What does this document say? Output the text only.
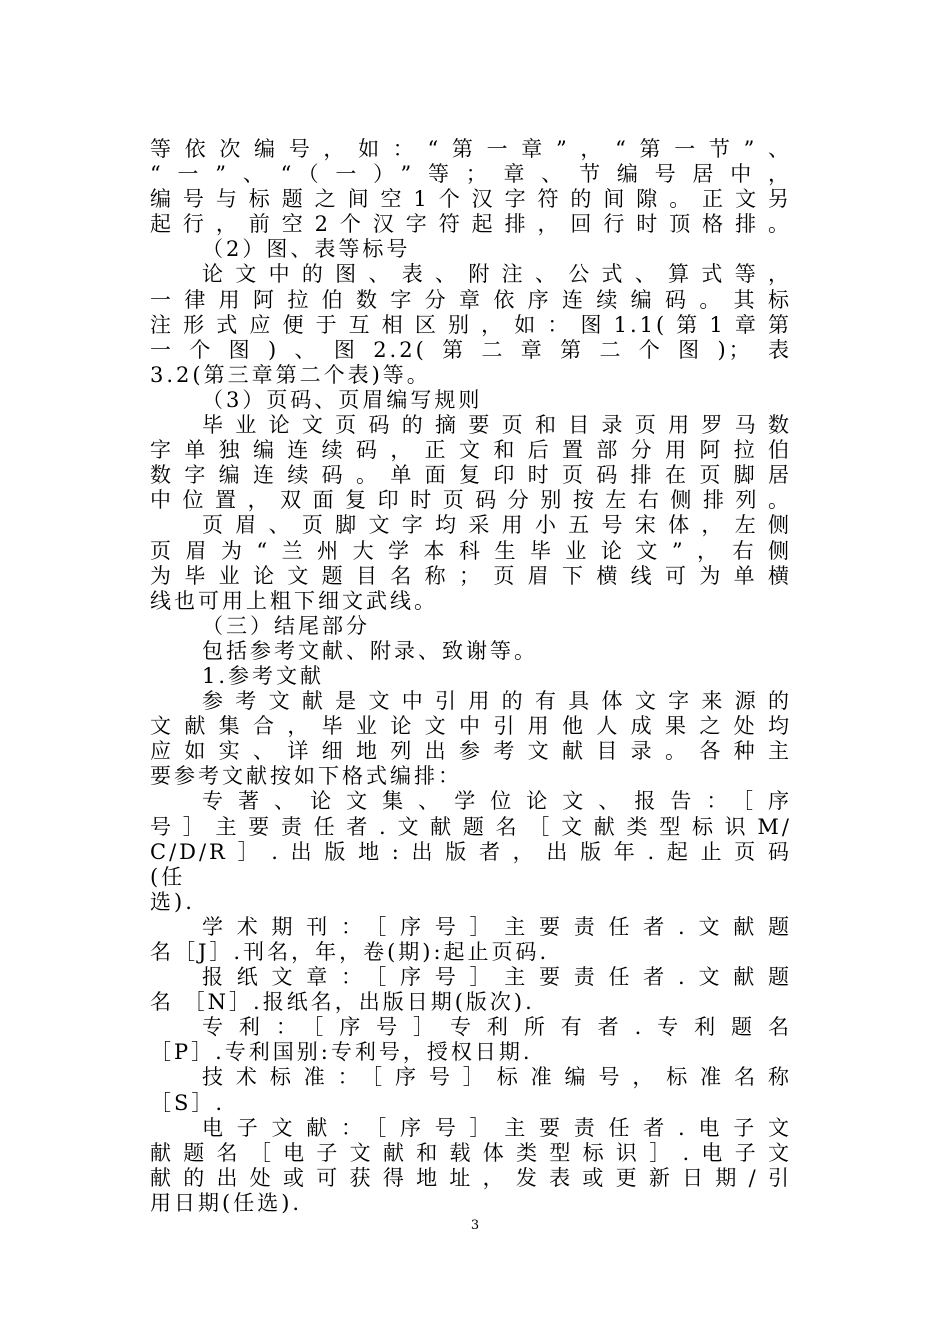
等依次编号，如：“第一章”，“第一节”、

“一”、“（一）”等；章、节编号居中，

编号与标题之间空1个汉字符的间隙。正文另

起行，前空2个汉字符起排，回行时顶格排。

（2）图、表等标号

论文中的图、表、附注、公式、算式等，

一律用阿拉伯数字分章依序连续编码。其标

注形式应便于互相区别，如：图1.1(第1章第

一个图)、图2.2(第二章第二个图)；表

3.2(第三章第二个表)等。

（3）页码、页眉编写规则

毕业论文页码的摘要页和目录页用罗马数

字单独编连续码，正文和后置部分用阿拉伯

数字编连续码。单面复印时页码排在页脚居

中位置，双面复印时页码分别按左右侧排列。

页眉、页脚文字均采用小五号宋体，左侧

页眉为“兰州大学本科生毕业论文”，右侧

为毕业论文题目名称；页眉下横线可为单横

线也可用上粗下细文武线。

（三）结尾部分

包括参考文献、附录、致谢等。

1.参考文献

参考文献是文中引用的有具体文字来源的

文献集合，毕业论文中引用他人成果之处均

应如实、详细地列出参考文献目录。各种主

要参考文献按如下格式编排：

专著、论文集、学位论文、报告：［序

号］主要责任者.文献题名［文献类型标识M/

C/D/R］.出版地:出版者，出版年.起止页码

(任

选).

学术期刊：［序号］主要责任者.文献题

名［J］.刊名，年，卷(期):起止页码.

报纸文章：［序号］主要责任者.文献题

名 ［N］.报纸名，出版日期(版次).

专利：［序号］专利所有者.专利题名

［P］.专利国别:专利号，授权日期.

技术标准：［序号］标准编号，标准名称

［S］.

电子文献：［序号］主要责任者.电子文

献题名［电子文献和载体类型标识］.电子文

献的出处或可获得地址，发表或更新日期/引

用日期(任选).

3
